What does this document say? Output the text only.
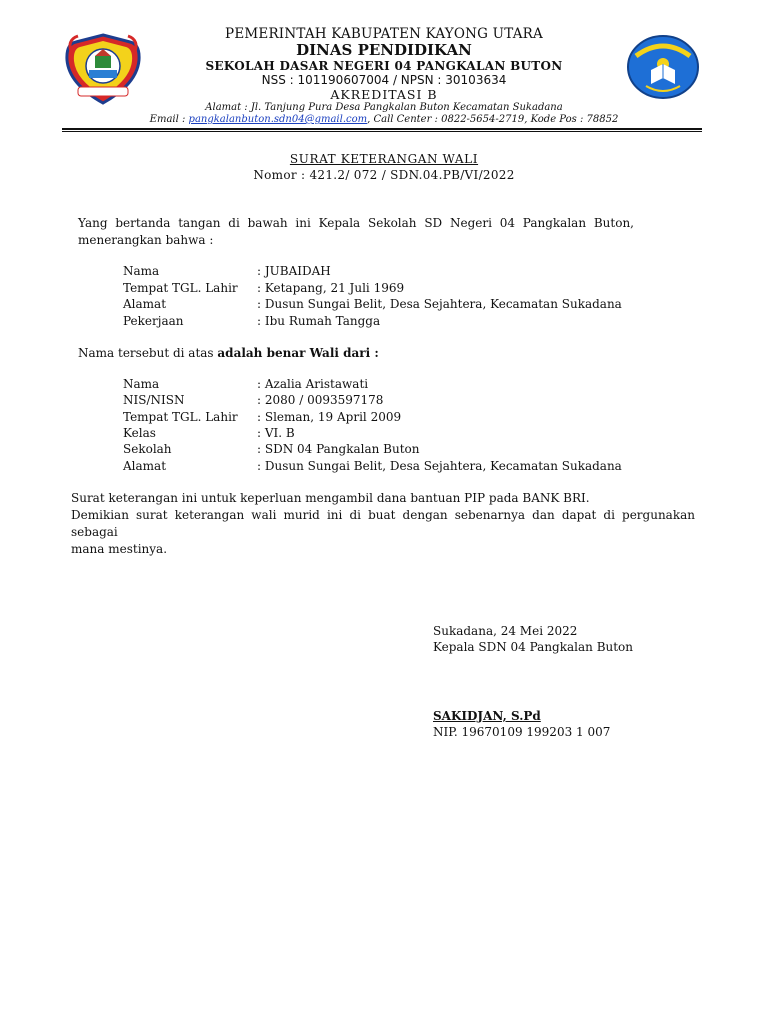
PEMERINTAH KABUPATEN KAYONG UTARA
DINAS PENDIDIKAN
SEKOLAH DASAR NEGERI 04 PANGKALAN BUTON
NSS : 101190607004 / NPSN : 30103634
AKREDITASI B
Alamat : Jl. Tanjung Pura Desa Pangkalan Buton Kecamatan Sukadana
Email : pangkalanbuton.sdn04@gmail.com, Call Center : 0822-5654-2719, Kode Pos : 78852
SURAT KETERANGAN WALI
Nomor : 421.2/ 072 / SDN.04.PB/VI/2022
Yang bertanda tangan di bawah ini Kepala Sekolah SD Negeri 04 Pangkalan Buton,
menerangkan bahwa :
Nama	: JUBAIDAH
Tempat TGL. Lahir : Ketapang, 21 Juli 1969
Alamat	: Dusun Sungai Belit, Desa Sejahtera, Kecamatan Sukadana
Pekerjaan	: Ibu Rumah Tangga
Nama tersebut di atas adalah benar Wali dari :
Nama	: Azalia Aristawati
NIS/NISN	: 2080 / 0093597178
Tempat TGL. Lahir : Sleman, 19 April 2009
Kelas	: VI. B
Sekolah	: SDN 04 Pangkalan Buton
Alamat	: Dusun Sungai Belit, Desa Sejahtera, Kecamatan Sukadana
Surat keterangan ini untuk keperluan mengambil dana bantuan PIP pada BANK BRI.

Demikian surat keterangan wali murid ini di buat dengan sebenarnya dan dapat di pergunakan sebagai
mana mestinya.
Sukadana, 24 Mei 2022
Kepala SDN 04 Pangkalan Buton
SAKIDJAN, S.Pd
NIP. 19670109 199203 1 007
